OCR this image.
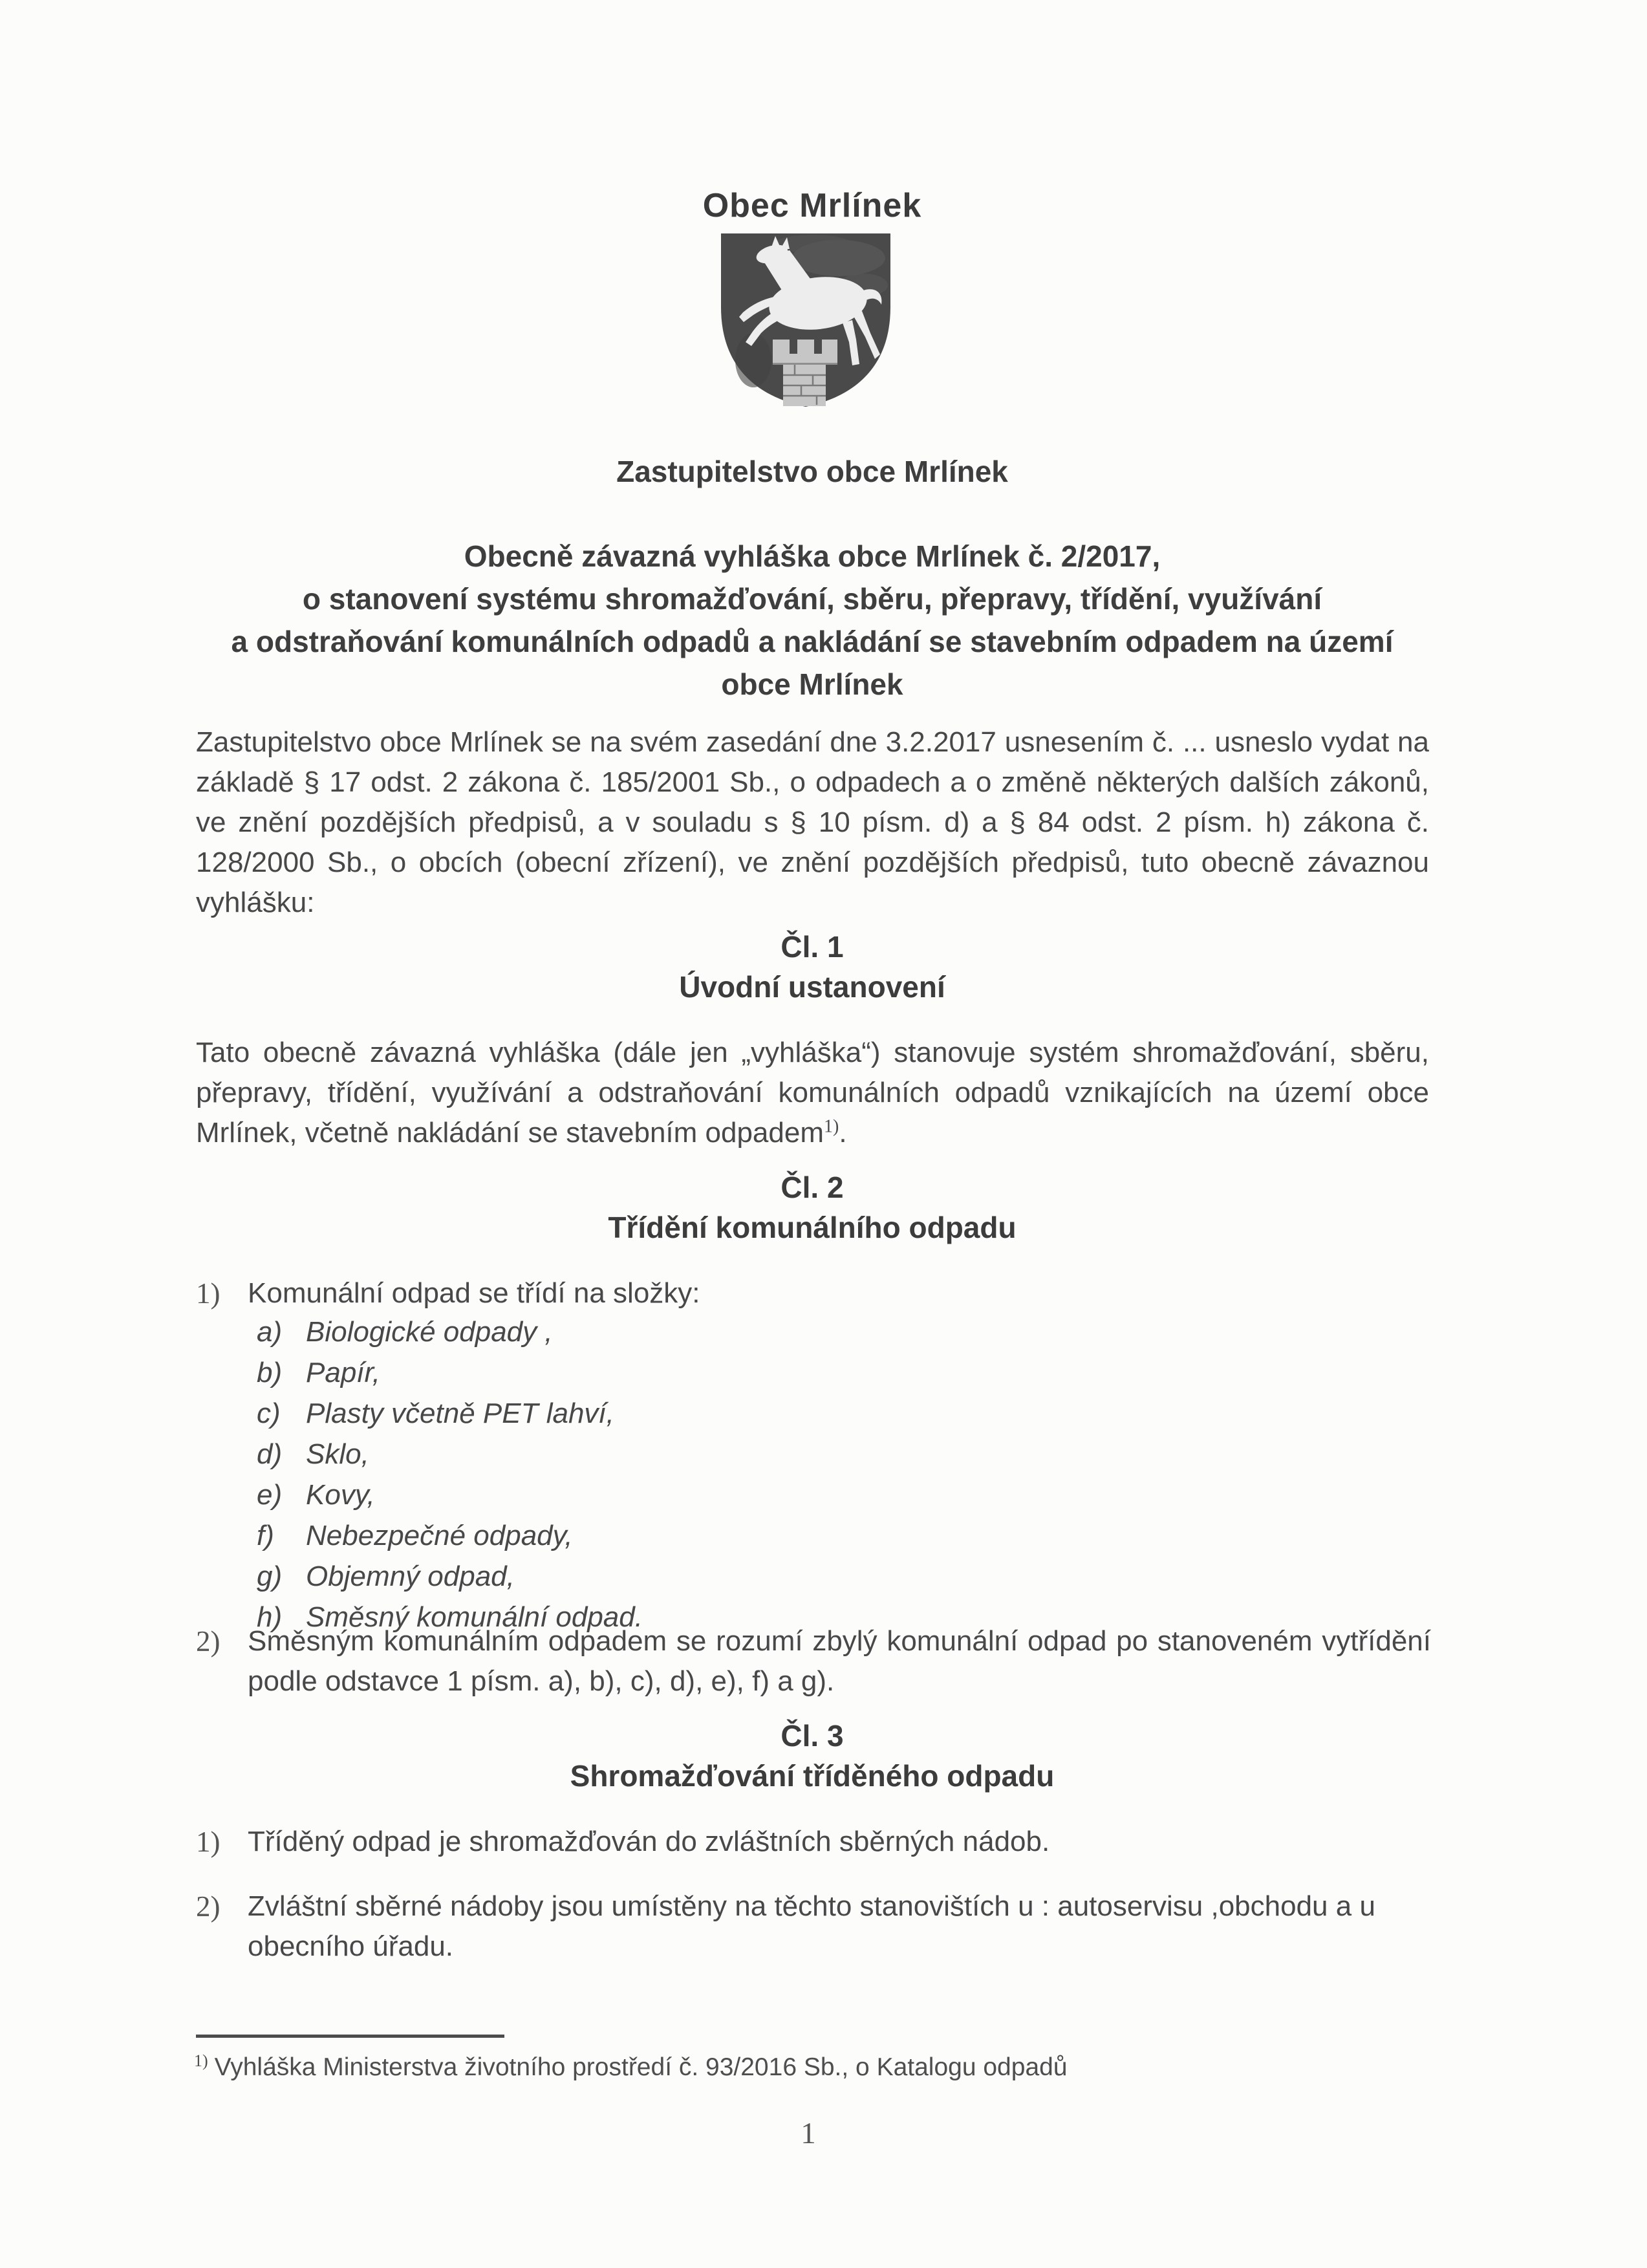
Obec Mrlínek
Zastupitelstvo obce Mrlínek
Obecně závazná vyhláška obce Mrlínek č. 2/2017,
o stanovení systému shromažďování, sběru, přepravy, třídění, využívání
a odstraňování komunálních odpadů a nakládání se stavebním odpadem na území
obce Mrlínek

Zastupitelstvo obce Mrlínek se na svém zasedání dne 3.2.2017 usnesením č. ... usneslo vydat na základě § 17 odst. 2 zákona č. 185/2001 Sb., o odpadech a o změně některých dalších zákonů, ve znění pozdějších předpisů, a v souladu s § 10 písm. d) a § 84 odst. 2 písm. h) zákona č. 128/2000 Sb., o obcích (obecní zřízení), ve znění pozdějších předpisů, tuto obecně závaznou vyhlášku:

Čl. 1
Úvodní ustanovení

Tato obecně závazná vyhláška (dále jen „vyhláška“) stanovuje systém shromažďování, sběru, přepravy, třídění, využívání a odstraňování komunálních odpadů vznikajících na území obce Mrlínek, včetně nakládání se stavebním odpadem$^{1)}$.

Čl. 2
Třídění komunálního odpadu
1) Komunální odpad se třídí na složky:
a) Biologické odpady ,
b) Papír,
c) Plasty včetně PET lahví,
d) Sklo,
e) Kovy,
f)	Nebezpečné odpady,
g) Objemný odpad,
h) Směsný komunální odpad.
2) Směsným komunálním odpadem se rozumí zbylý komunální odpad po stanoveném vytřídění podle odstavce 1 písm. a), b), c), d), e), f) a g).
Čl. 3
Shromažďování tříděného odpadu
1) Tříděný odpad je shromažďován do zvláštních sběrných nádob.
2) Zvláštní sběrné nádoby jsou umístěny na těchto stanovištích u : autoservisu ,obchodu a u obecního úřadu.

$^{1)}$ Vyhláška Ministerstva životního prostředí č. 93/2016 Sb., o Katalogu odpadů

1
